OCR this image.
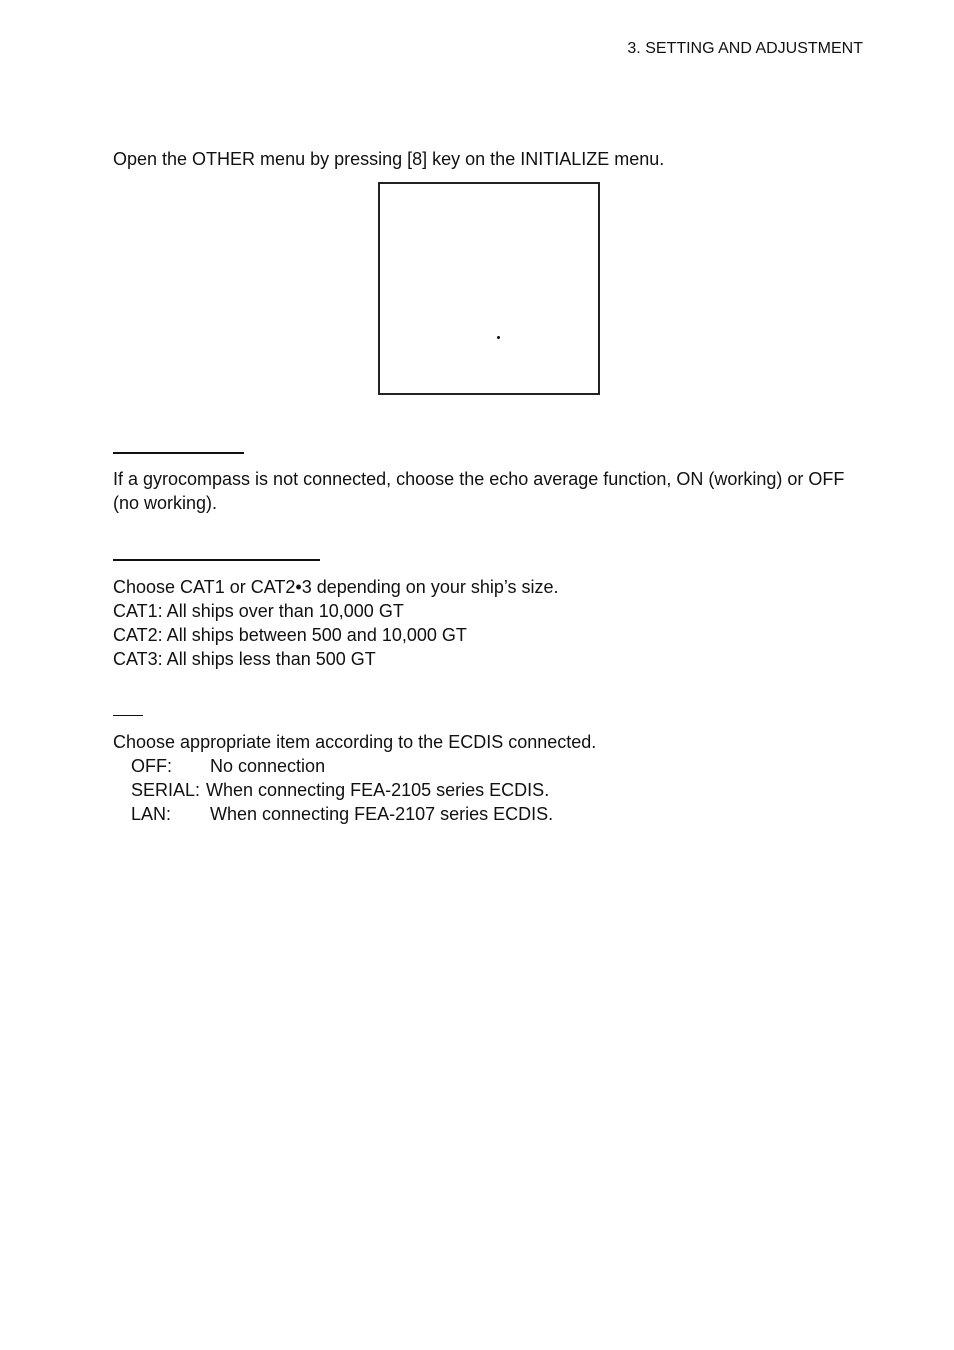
3. SETTING AND ADJUSTMENT
Open the OTHER menu by pressing [8] key on the INITIALIZE menu.
If a gyrocompass is not connected, choose the echo average function, ON (working) or OFF
(no working).
Choose CAT1 or CAT2•3 depending on your ship’s size.
CAT1: All ships over than 10,000 GT
CAT2: All ships between 500 and 10,000 GT
CAT3: All ships less than 500 GT
Choose appropriate item according to the ECDIS connected.
OFF: No connection
SERIAL: When connecting FEA-2105 series ECDIS.
LAN: When connecting FEA-2107 series ECDIS.
